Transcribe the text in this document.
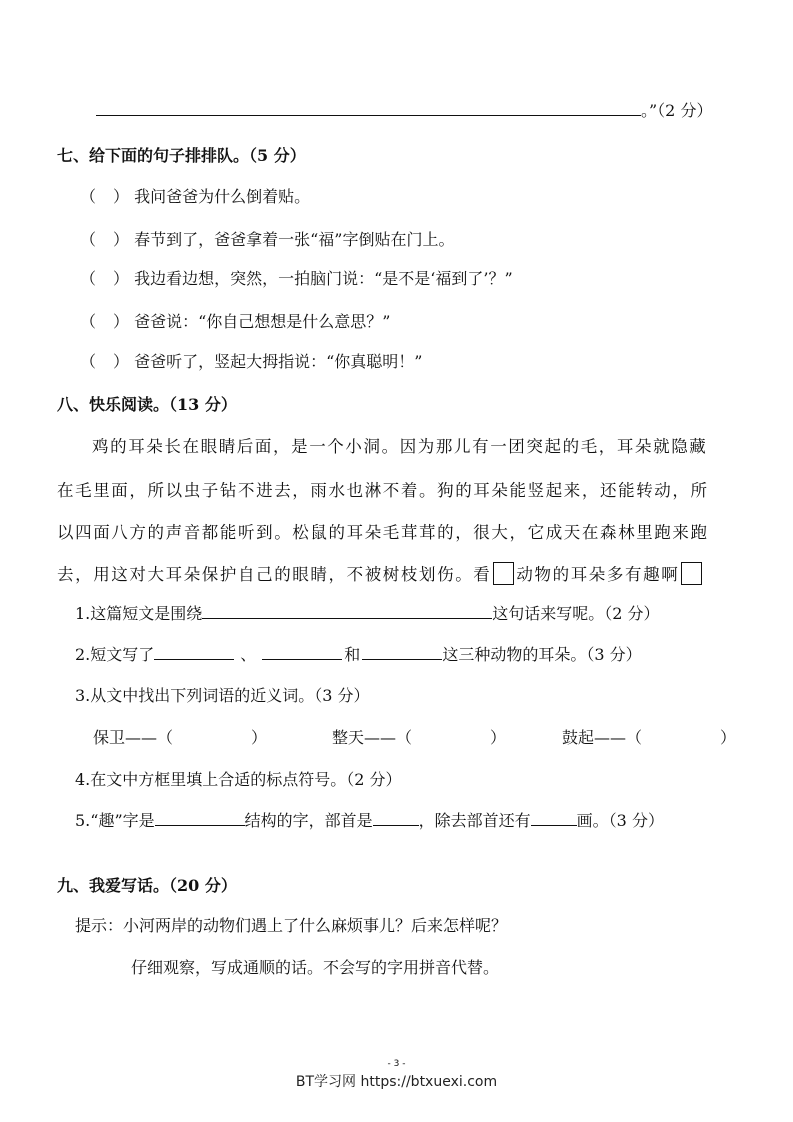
。”（2 分）
七、给下面的句子排排队。（5 分）
（ ） 我问爸爸为什么倒着贴。
（ ） 春节到了，爸爸拿着一张“福”字倒贴在门上。
（ ） 我边看边想，突然，一拍脑门说：“是不是‘福到了’？”
（ ） 爸爸说：“你自己想想是什么意思？”
（ ） 爸爸听了，竖起大拇指说：“你真聪明！”
八、快乐阅读。（13 分）
鸡的耳朵长在眼睛后面，是一个小洞。因为那儿有一团突起的毛，耳朵就隐藏
在毛里面，所以虫子钻不进去，雨水也淋不着。狗的耳朵能竖起来，还能转动，所
以四面八方的声音都能听到。松鼠的耳朵毛茸茸的，很大，它成天在森林里跑来跑
去，用这对大耳朵保护自己的眼睛，不被树枝划伤。看 动物的耳朵多有趣啊
1.这篇短文是围绕	这句话来写呢。（2 分）
2.短文写了	、	和	这三种动物的耳朵。（3 分）
3.从文中找出下列词语的近义词。（3 分）
保卫——（	）	整天——（	）	鼓起——（	）
4.在文中方框里填上合适的标点符号。（2 分）
5.“趣”字是	结构的字，部首是	，除去部首还有	画。（3 分）
九、我爱写话。（20 分）
提示：小河两岸的动物们遇上了什么麻烦事儿？后来怎样呢？
仔细观察，写成通顺的话。不会写的字用拼音代替。
- 3 -
BT学习网 https://btxuexi.com
